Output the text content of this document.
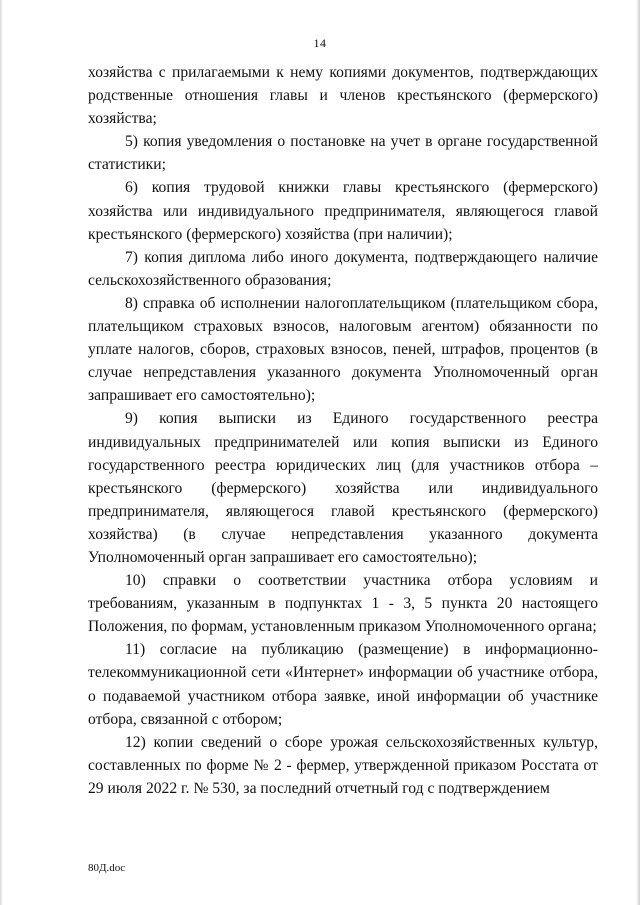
14

хозяйства с прилагаемыми к нему копиями документов, подтверждающих родственные отношения главы и членов крестьянского (фермерского) хозяйства;

5) копия уведомления о постановке на учет в органе государственной статистики;

6) копия трудовой книжки главы крестьянского (фермерского) хозяйства или индивидуального предпринимателя, являющегося главой крестьянского (фермерского) хозяйства (при наличии);

7) копия диплома либо иного документа, подтверждающего наличие сельскохозяйственного образования;

8) справка об исполнении налогоплательщиком (плательщиком сбора, плательщиком страховых взносов, налоговым агентом) обязанности по уплате налогов, сборов, страховых взносов, пеней, штрафов, процентов (в случае непредставления указанного документа Уполномоченный орган запрашивает его самостоятельно);

9) копия выписки из Единого государственного реестра индивидуальных предпринимателей или копия выписки из Единого государственного реестра юридических лиц (для участников отбора – крестьянского (фермерского) хозяйства или индивидуального предпринимателя, являющегося главой крестьянского (фермерского) хозяйства) (в случае непредставления указанного документа Уполномоченный орган запрашивает его самостоятельно);

10) справки о соответствии участника отбора условиям и требованиям, указанным в подпунктах 1 - 3, 5 пункта 20 настоящего Положения, по формам, установленным приказом Уполномоченного органа;

11) согласие на публикацию (размещение) в информационно-телекоммуникационной сети «Интернет» информации об участнике отбора, о подаваемой участником отбора заявке, иной информации об участнике отбора, связанной с отбором;

12) копии сведений о сборе урожая сельскохозяйственных культур, составленных по форме № 2 - фермер, утвержденной приказом Росстата от 29 июля 2022 г. № 530, за последний отчетный год с подтверждением

80Д.doc
